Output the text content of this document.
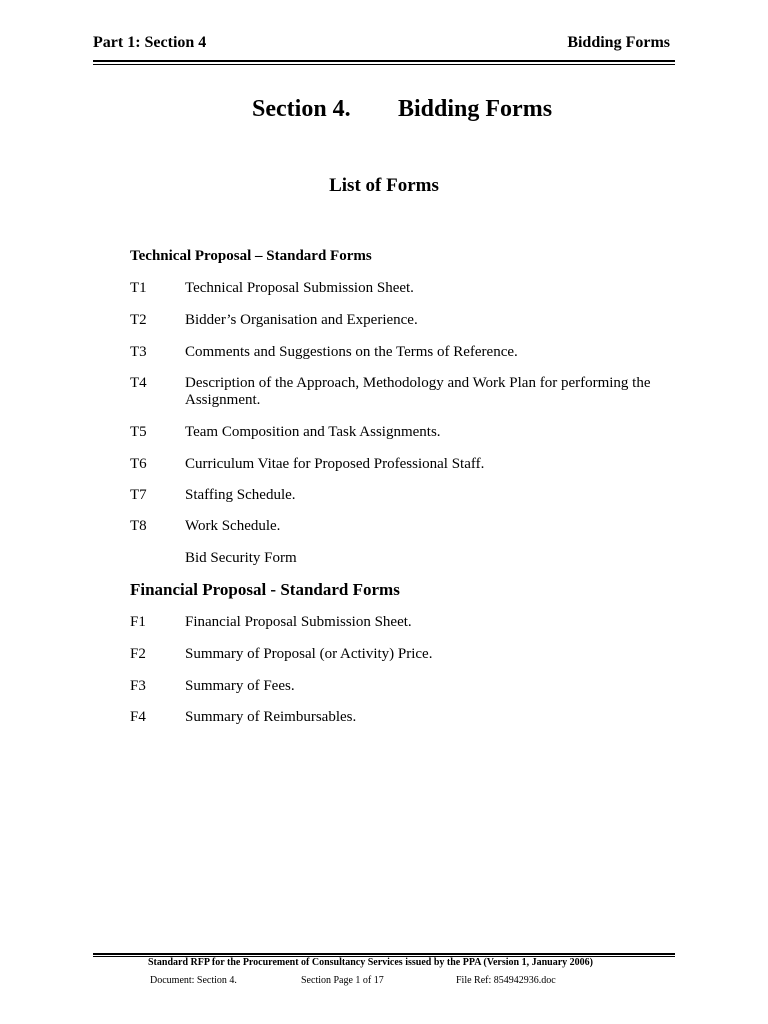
Part 1: Section 4	Bidding Forms
Section 4. Bidding Forms
List of Forms
Technical Proposal – Standard Forms
T1	Technical Proposal Submission Sheet.
T2	Bidder’s Organisation and Experience.
T3	Comments and Suggestions on the Terms of Reference.
T4	Description of the Approach, Methodology and Work Plan for performing the Assignment.
T5	Team Composition and Task Assignments.
T6	Curriculum Vitae for Proposed Professional Staff.
T7	Staffing Schedule.
T8	Work Schedule.
Bid Security Form
Financial Proposal - Standard Forms
F1	Financial Proposal Submission Sheet.
F2	Summary of Proposal (or Activity) Price.
F3	Summary of Fees.
F4	Summary of Reimbursables.
Standard RFP for the Procurement of Consultancy Services issued by the PPA (Version 1, January 2006)
Document: Section 4.	Section Page 1 of 17	File Ref: 854942936.doc
